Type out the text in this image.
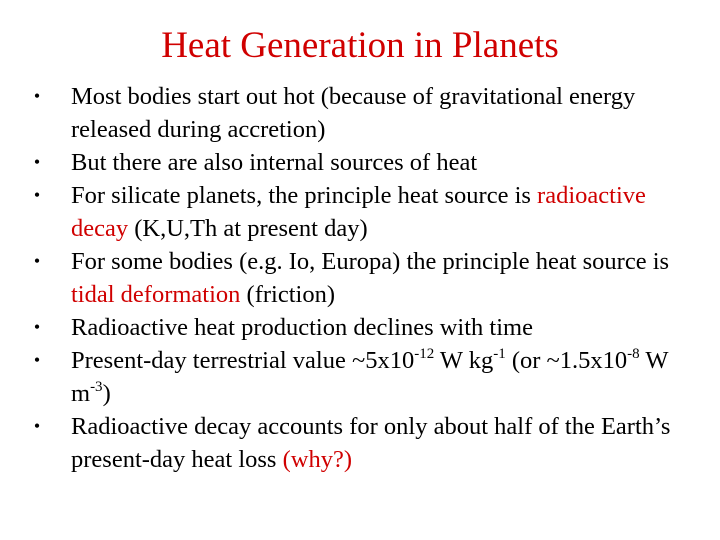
Heat Generation in Planets
• Most bodies start out hot (because of gravitational energy released during accretion)
• But there are also internal sources of heat
• For silicate planets, the principle heat source is radioactive decay (K,U,Th at present day)
• For some bodies (e.g. Io, Europa) the principle heat source is tidal deformation (friction)
• Radioactive heat production declines with time
• Present-day terrestrial value $\sim 5x10^{-12}$ W $kg^{-1}$ (or $\sim 1.5x10^{-8}$ W $m^{-3}$)
• Radioactive decay accounts for only about half of the Earth’s present-day heat loss (why?)
